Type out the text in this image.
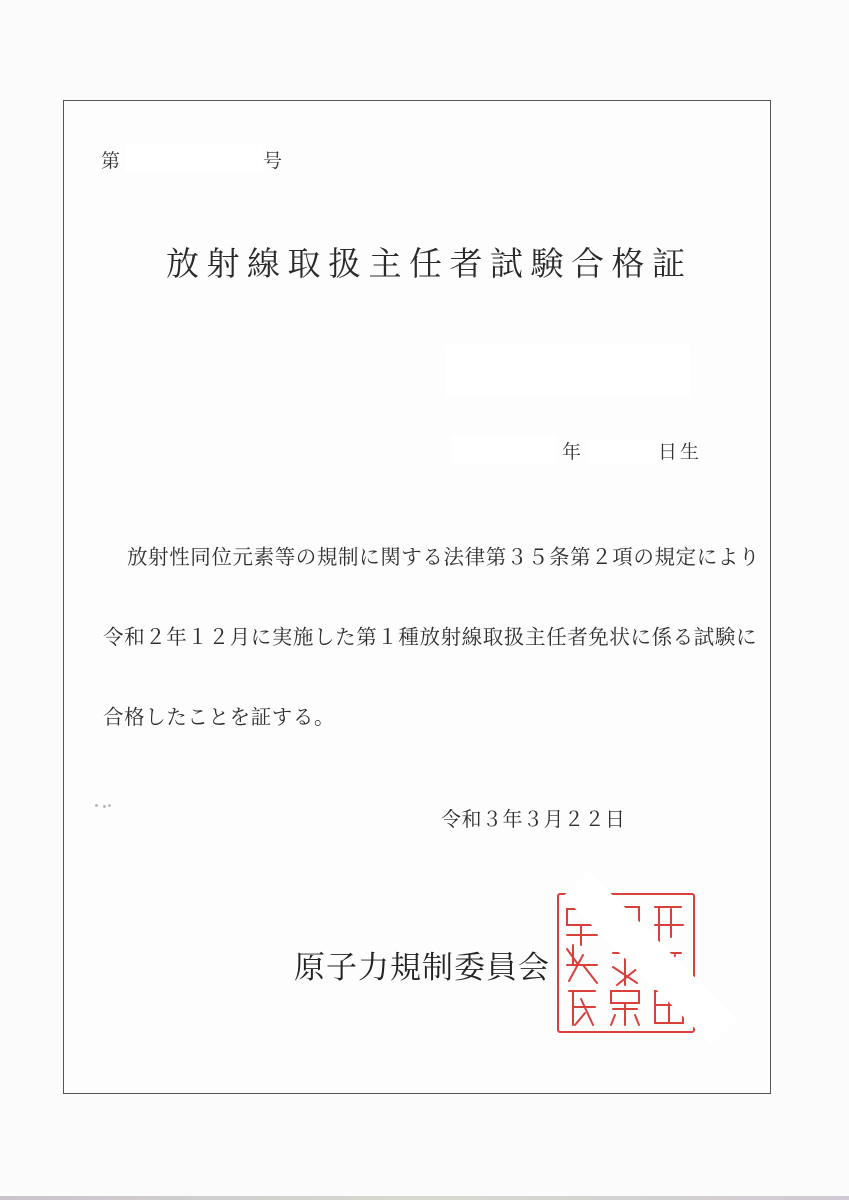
第	号
放射線取扱主任者試験合格証
年	日生
放射性同位元素等の規制に関する法律第３５条第２項の規定により
令和２年１２月に実施した第１種放射線取扱主任者免状に係る試験に
合格したことを証する。
令和３年３月２２日
原子力規制委員会
